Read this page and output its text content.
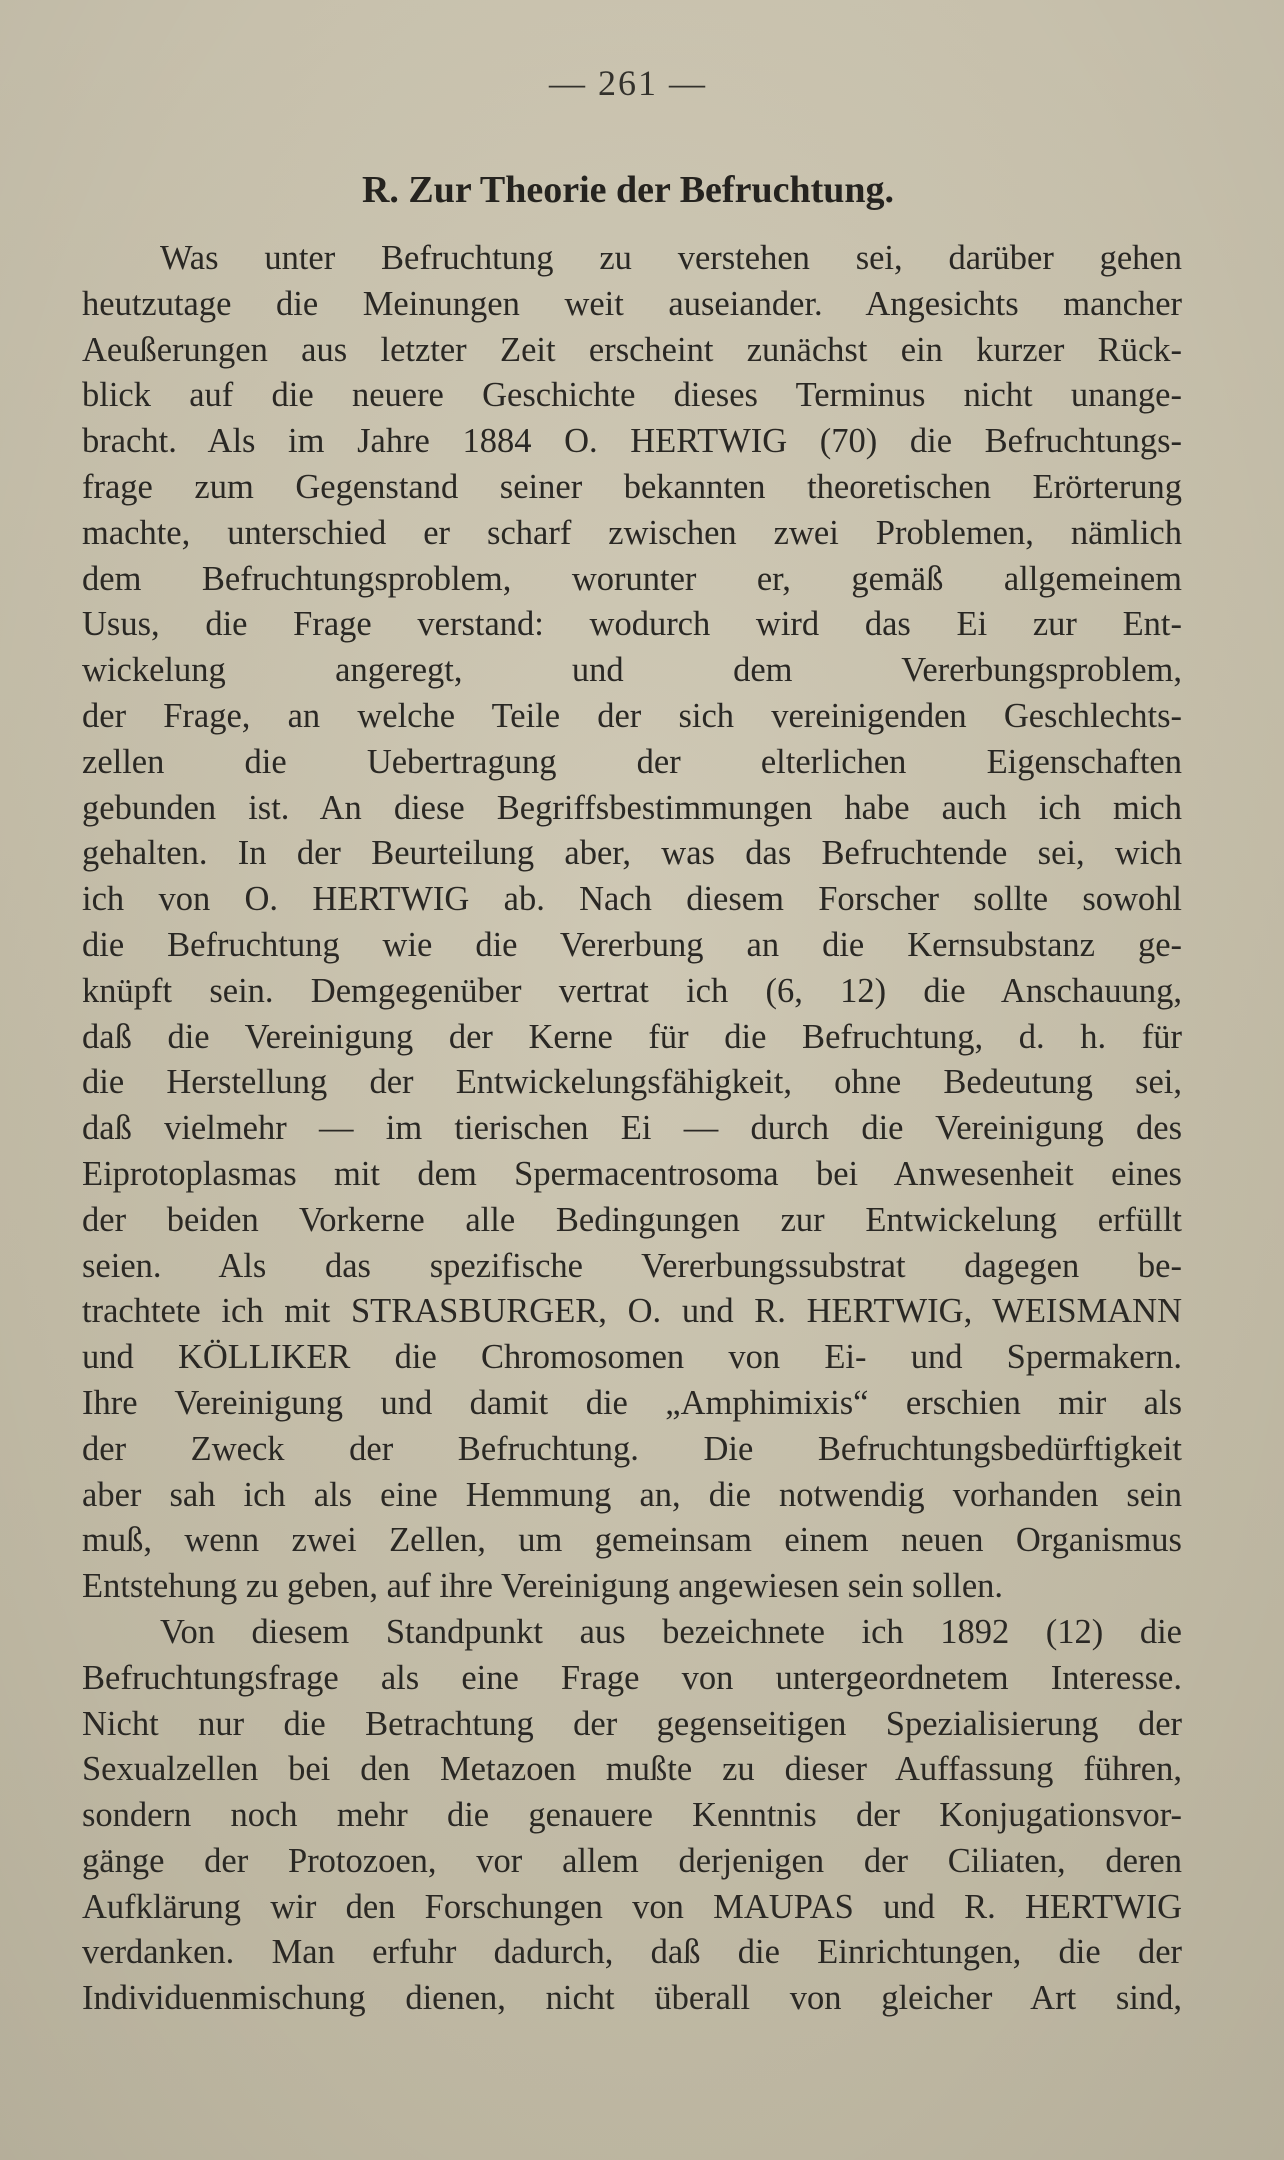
— 261 —
R. Zur Theorie der Befruchtung.
Was unter Befruchtung zu verstehen sei, darüber gehen
heutzutage die Meinungen weit auseiander. Angesichts mancher
Aeußerungen aus letzter Zeit erscheint zunächst ein kurzer Rück-
blick auf die neuere Geschichte dieses Terminus nicht unange-
bracht. Als im Jahre 1884 O. HERTWIG (70) die Befruchtungs-
frage zum Gegenstand seiner bekannten theoretischen Erörterung
machte, unterschied er scharf zwischen zwei Problemen, nämlich
dem Befruchtungsproblem, worunter er, gemäß allgemeinem
Usus, die Frage verstand: wodurch wird das Ei zur Ent-
wickelung angeregt, und dem Vererbungsproblem,
der Frage, an welche Teile der sich vereinigenden Geschlechts-
zellen die Uebertragung der elterlichen Eigenschaften
gebunden ist. An diese Begriffsbestimmungen habe auch ich mich
gehalten. In der Beurteilung aber, was das Befruchtende sei, wich
ich von O. HERTWIG ab. Nach diesem Forscher sollte sowohl
die Befruchtung wie die Vererbung an die Kernsubstanz ge-
knüpft sein. Demgegenüber vertrat ich (6, 12) die Anschauung,
daß die Vereinigung der Kerne für die Befruchtung, d. h. für
die Herstellung der Entwickelungsfähigkeit, ohne Bedeutung sei,
daß vielmehr — im tierischen Ei — durch die Vereinigung des
Eiprotoplasmas mit dem Spermacentrosoma bei Anwesenheit eines
der beiden Vorkerne alle Bedingungen zur Entwickelung erfüllt
seien. Als das spezifische Vererbungssubstrat dagegen be-
trachtete ich mit STRASBURGER, O. und R. HERTWIG, WEISMANN
und KÖLLIKER die Chromosomen von Ei- und Spermakern.
Ihre Vereinigung und damit die „Amphimixis“ erschien mir als
der Zweck der Befruchtung. Die Befruchtungsbedürftigkeit
aber sah ich als eine Hemmung an, die notwendig vorhanden sein
muß, wenn zwei Zellen, um gemeinsam einem neuen Organismus
Entstehung zu geben, auf ihre Vereinigung angewiesen sein sollen.
Von diesem Standpunkt aus bezeichnete ich 1892 (12) die
Befruchtungsfrage als eine Frage von untergeordnetem Interesse.
Nicht nur die Betrachtung der gegenseitigen Spezialisierung der
Sexualzellen bei den Metazoen mußte zu dieser Auffassung führen,
sondern noch mehr die genauere Kenntnis der Konjugationsvor-
gänge der Protozoen, vor allem derjenigen der Ciliaten, deren
Aufklärung wir den Forschungen von MAUPAS und R. HERTWIG
verdanken. Man erfuhr dadurch, daß die Einrichtungen, die der
Individuenmischung dienen, nicht überall von gleicher Art sind,
